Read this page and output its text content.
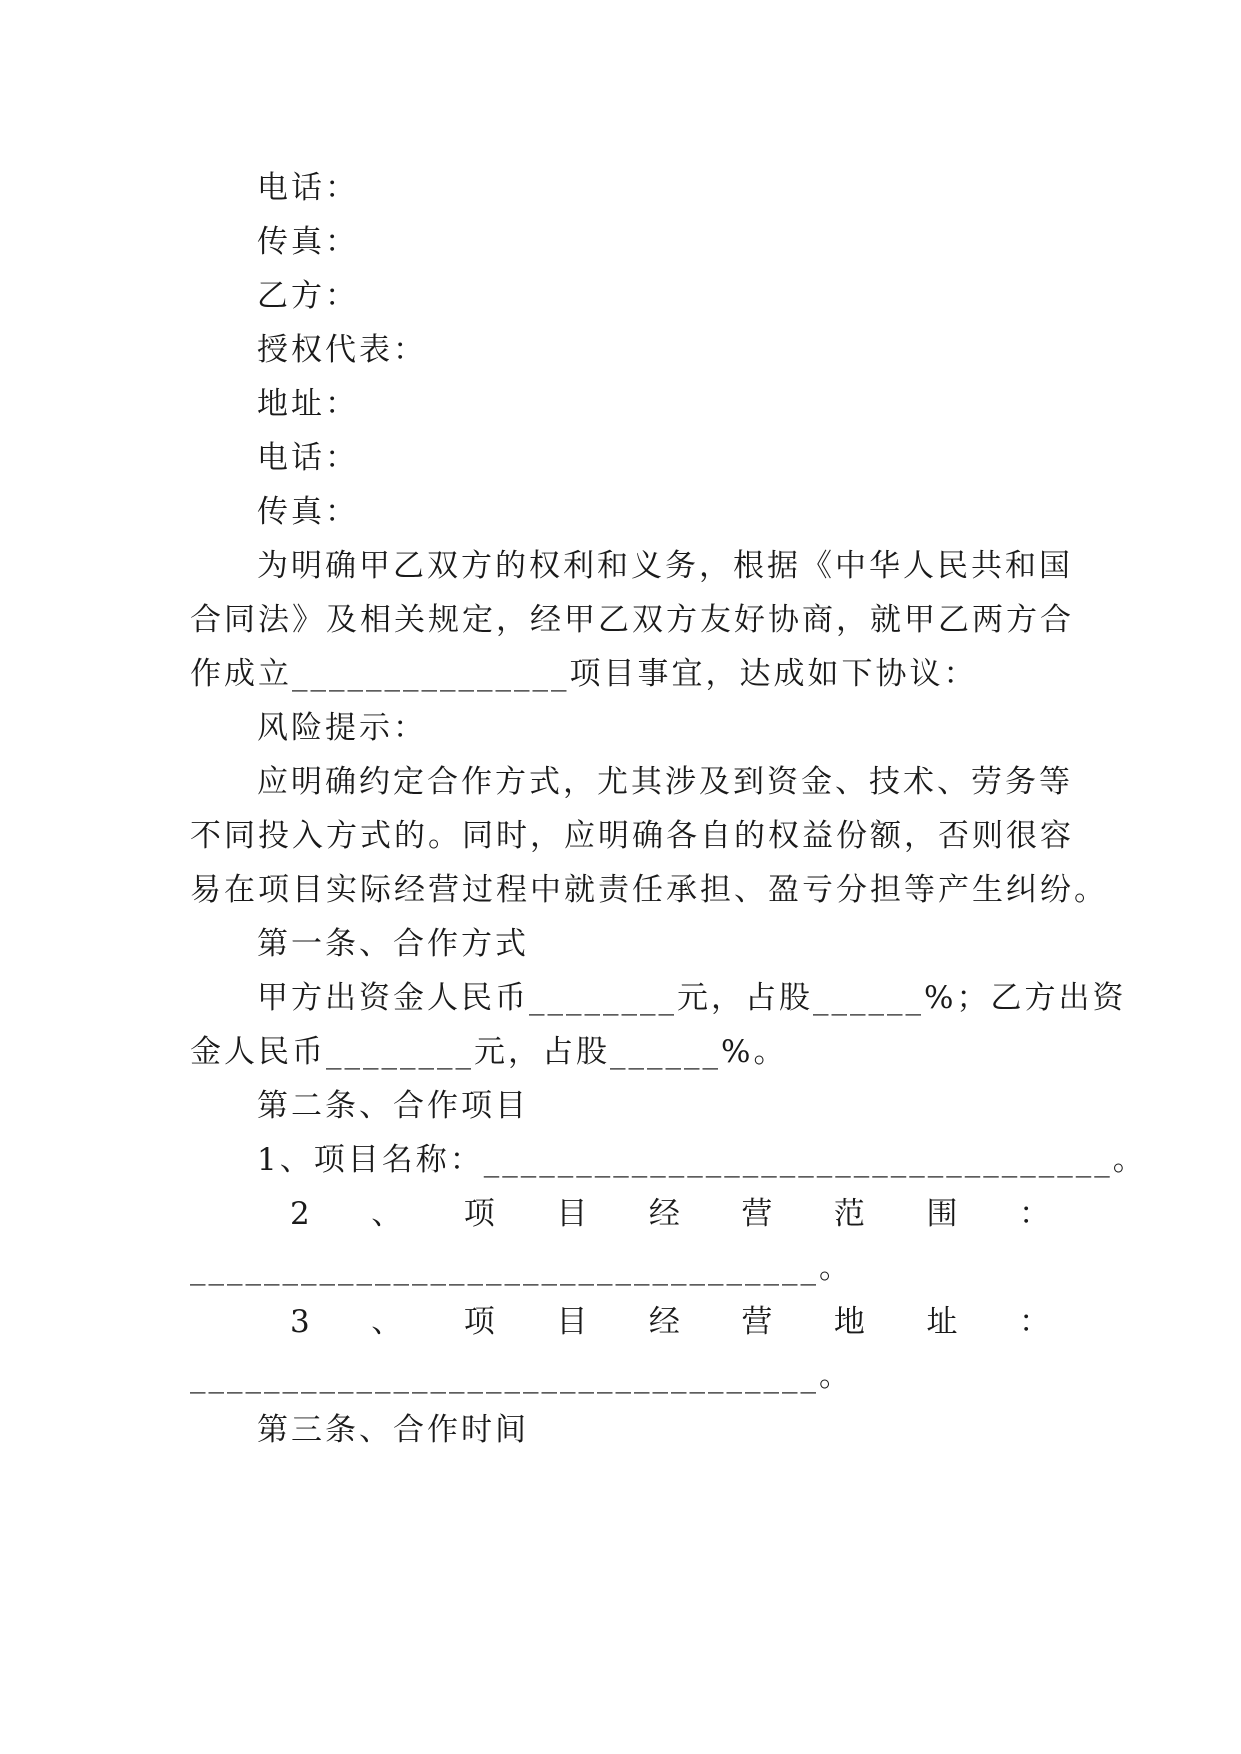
电话：
传真：
乙方：
授权代表：
地址：
电话：
传真：
为明确甲乙双方的权利和义务，根据《中华人民共和国
合同法》及相关规定，经甲乙双方友好协商，就甲乙两方合
作成立_______________项目事宜，达成如下协议：
风险提示：
应明确约定合作方式，尤其涉及到资金、技术、劳务等
不同投入方式的。同时，应明确各自的权益份额，否则很容
易在项目实际经营过程中就责任承担、盈亏分担等产生纠纷。
第一条、合作方式
甲方出资金人民币________元，占股______%；乙方出资
金人民币________元，占股______%。
第二条、合作项目
1、项目名称：__________________________________。
2 、 项 目 经 营 范 围 ：
__________________________________。
3 、 项 目 经 营 地 址 ：
__________________________________。
第三条、合作时间
